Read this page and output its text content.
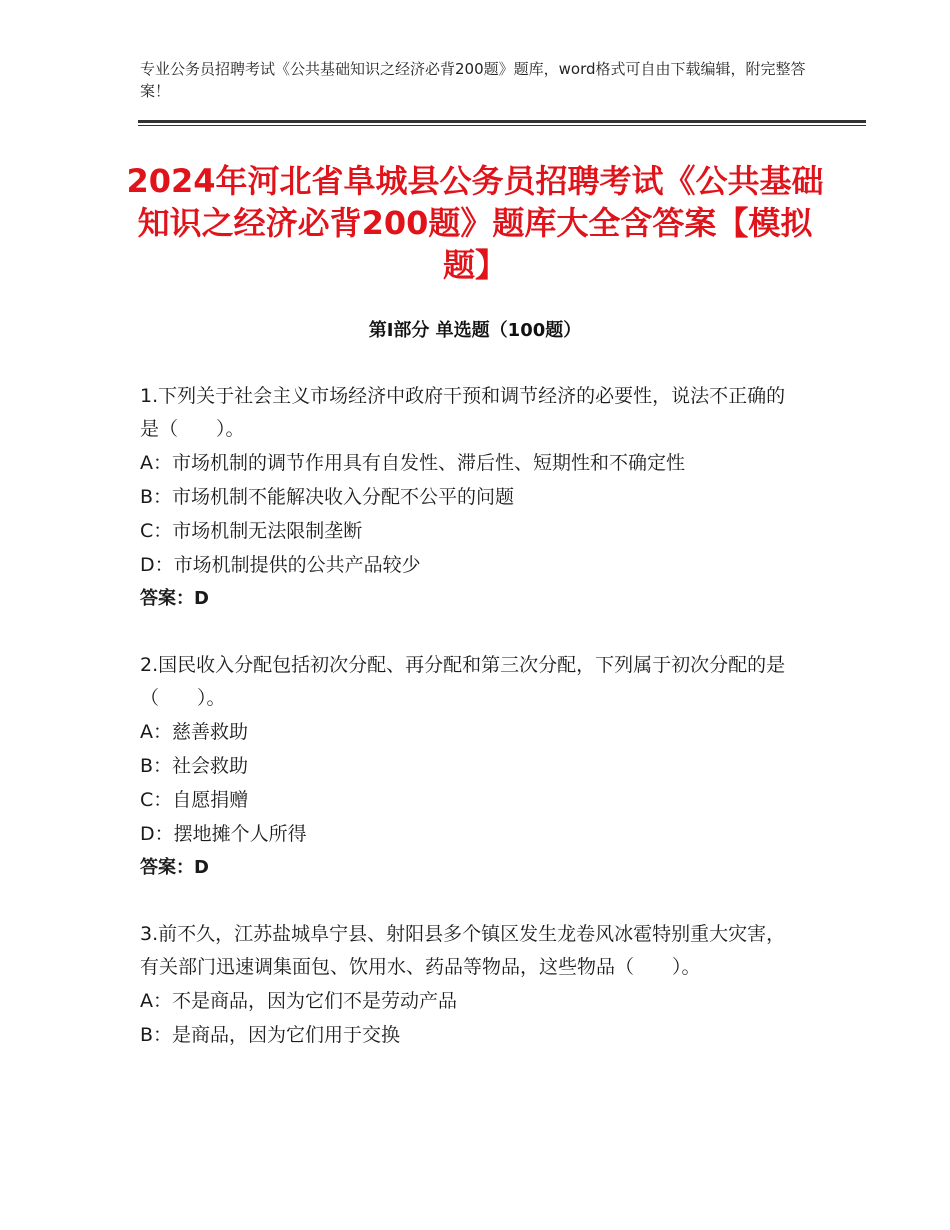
专业公务员招聘考试《公共基础知识之经济必背200题》题库，word格式可自由下载编辑，附完整答案！
2024年河北省阜城县公务员招聘考试《公共基础知识之经济必背200题》题库大全含答案【模拟题】
第Ⅰ部分 单选题（100题）

1.下列关于社会主义市场经济中政府干预和调节经济的必要性，说法不正确的是（　　）。

A：市场机制的调节作用具有自发性、滞后性、短期性和不确定性

B：市场机制不能解决收入分配不公平的问题

C：市场机制无法限制垄断

D：市场机制提供的公共产品较少

答案：D

2.国民收入分配包括初次分配、再分配和第三次分配，下列属于初次分配的是（　　）。

A：慈善救助

B：社会救助

C：自愿捐赠

D：摆地摊个人所得

答案：D

3.前不久，江苏盐城阜宁县、射阳县多个镇区发生龙卷风冰雹特别重大灾害，有关部门迅速调集面包、饮用水、药品等物品，这些物品（　　）。

A：不是商品，因为它们不是劳动产品

B：是商品，因为它们用于交换
